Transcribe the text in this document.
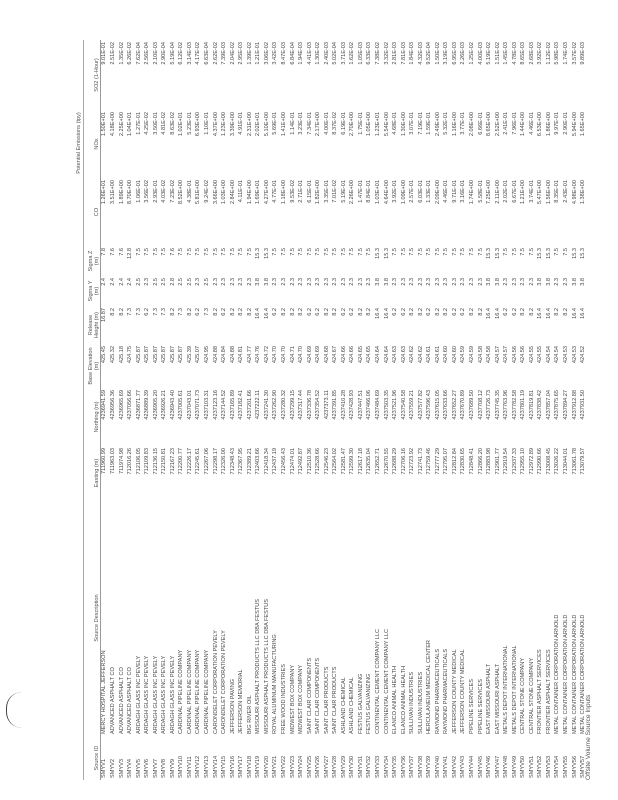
								Potential Emissions (tpy)		
Source ID	Source Description	Easting (m)	Northing (m)	Base Elevation (m)	Release Height (m)	Sigma Y (m)	Sigma Z (m)	CO	NOx	SO2 (1-Hour)
SMYV1	MERCY HOSPITAL JEFFERSON	711960.99	4236941.59	425.45	16.87	2.4	7.8	1.26E+01	1.50E+01	9.01E-01
SMYV2	ADVANCED ASPHALT CO	711963.03	4236956.36	425.32	8.2	2.4	7.6	3.51E+00	4.18E+00	2.51E-02
SMYV3	ADVANCED ASPHALT CO	711974.98	4236965.69	425.18	8.2	2.4	7.6	1.89E+00	2.25E+00	1.35E-02
SMYV4	ADVANCED ASPHALT CO	712016.26	4237056.66	424.75	7.3	2.4	12.8	8.70E+00	1.04E+01	6.26E-02
SMYV5	ARDAGH GLASS INC PEVELY	712106.05	4236871.77	425.87	7.3	2.5	7.5	1.06E-01	1.27E-01	7.62E-04
SMYV6	ARDAGH GLASS INC PEVELY	712109.83	4236889.39	425.87	6.2	2.3	7.5	3.56E-02	4.25E-02	2.56E-04
SMYV7	ARDAGH GLASS INC PEVELY	712136.15	4236905.20	425.87	7.3	2.5	7.5	2.93E-01	3.50E-01	2.10E-03
SMYV8	ARDAGH GLASS INC PEVELY	712150.81	4236926.21	425.87	7.3	2.5	7.5	4.03E-02	4.81E-02	2.90E-04
SMYV9	ARDAGH GLASS INC PEVELY	712167.23	4236943.40	425.87	8.2	2.8	7.6	7.23E-02	8.63E-02	5.19E-04
SMYV10	CARDINAL PIPELINE COMPANY	712200.77	4237005.61	425.87	7.3	2.5	7.5	8.52E+00	1.02E+01	6.12E-02
SMYV11	CARDINAL PIPELINE COMPANY	712226.17	4237043.01	425.39	8.2	2.5	7.5	4.38E-01	5.23E-01	3.14E-03
SMYV12	CARDINAL PIPELINE COMPANY	712245.61	4237071.73	425.07	6.2	2.3	7.5	5.81E+00	6.93E+00	4.17E-02
SMYV13	CARDINAL PIPELINE COMPANY	712267.06	4237103.31	424.95	7.3	2.5	7.5	9.24E-02	1.10E-01	6.63E-04
SMYV14	CARONDELET CORPORATION PEVELY	712298.17	4237123.16	424.88	8.2	2.3	7.5	3.66E+00	4.37E+00	2.62E-02
SMYV15	CARONDELET CORPORATION PEVELY	712326.00	4237144.52	424.84	6.2	2.3	7.5	1.03E+00	1.23E+00	7.39E-03
SMYV16	JEFFERSON PAVING	712348.43	4237165.89	424.88	8.2	2.3	7.5	2.84E+00	3.39E+00	2.04E-02
SMYV17	JEFFERSON MEMORIAL	712367.95	4237182.41	424.81	8.2	2.3	7.5	4.11E-01	4.91E-01	2.95E-03
SMYV18	BIG RIVER OIL	712389.21	4237201.66	424.77	8.2	2.3	7.5	1.94E+00	2.31E+00	1.39E-02
SMYV19	MISSOURI ASPHALT PRODUCTS LLC DBA FESTUS	712403.66	4237222.11	424.76	16.4	3.8	15.3	1.69E+01	2.02E+01	1.21E-01
SMYV20	MISSOURI ASPHALT PRODUCTS LLC DBA FESTUS	712418.34	4237241.30	424.72	16.4	3.8	15.3	4.27E+00	5.10E+00	3.06E-02
SMYV21	ROYAL ALUMINUM MANUFACTURING	712437.19	4237262.90	424.70	6.2	2.3	7.5	4.77E-01	5.69E-01	3.42E-03
SMYV22	FREE WOOD INDUSTRIES	712456.43	4237280.32	424.70	8.2	2.3	7.5	1.18E+00	1.41E+00	8.47E-03
SMYV23	MIDWEST BOX COMPANY	712474.01	4237299.15	424.71	8.2	2.3	7.5	9.53E-02	1.14E-01	6.84E-04
SMYV24	MIDWEST BOX COMPANY	712492.87	4237317.44	424.70	8.2	2.3	7.5	2.71E-01	3.23E-01	1.94E-03
SMYV25	SAINT CLAIR COMPONENTS	712510.36	4237336.78	424.69	6.2	2.3	7.5	6.15E-01	7.34E-01	4.41E-03
SMYV26	SAINT CLAIR COMPONENTS	712528.66	4237354.52	424.69	6.2	2.3	7.5	1.82E+00	2.17E+00	1.30E-02
SMYV27	SAINT CLAIR PRODUCTS	712546.23	4237373.11	424.68	8.2	2.3	7.5	3.35E-01	4.00E-01	2.40E-03
SMYV28	SAINT CLAIR PRODUCTS	712564.02	4237391.85	424.67	8.2	2.3	7.5	7.01E-02	8.37E-02	5.02E-04
SMYV29	ASHLAND CHEMICAL	712581.47	4237410.28	424.66	6.2	2.3	7.5	5.19E-01	6.19E-01	3.71E-03
SMYV30	ASHLAND CHEMICAL	712599.30	4237428.93	424.66	6.2	2.3	7.5	2.26E+00	2.70E+00	1.62E-02
SMYV31	FESTUS GALVANIZING	712617.18	4237447.51	424.65	8.2	2.3	7.5	1.47E-01	1.75E-01	1.05E-03
SMYV32	FESTUS GALVANIZING	712635.04	4237466.06	424.65	8.2	2.3	7.5	8.84E-01	1.05E+00	6.33E-03
SMYV33	CONTINENTAL CEMENT COMPANY LLC	712652.71	4237484.69	424.64	16.4	3.8	15.3	1.03E+01	1.23E+01	7.38E-02
SMYV34	CONTINENTAL CEMENT COMPANY LLC	712670.55	4237503.35	424.64	16.4	3.8	15.3	4.64E+00	5.54E+00	3.32E-02
SMYV35	ELANCO ANIMAL HEALTH	712688.29	4237521.96	424.63	6.2	2.3	7.5	3.92E-01	4.68E-01	2.81E-03
SMYV36	ELANCO ANIMAL HEALTH	712706.16	4237540.58	424.63	6.2	2.3	7.5	1.09E+00	1.30E+00	7.81E-03
SMYV37	SULLIVAN INDUSTRIES	712723.92	4237559.21	424.62	8.2	2.3	7.5	2.57E-01	3.07E-01	1.84E-03
SMYV38	SULLIVAN INDUSTRIES	712741.73	4237577.82	424.62	8.2	2.3	7.5	6.03E-01	7.19E-01	4.32E-03
SMYV39	HERCULANEUM MEDICAL CENTER	712759.46	4237596.43	424.61	6.2	2.3	7.5	1.33E-01	1.59E-01	9.52E-04
SMYV40	RAYMOND PHARMACEUTICALS	712777.29	4237615.05	424.61	8.2	2.3	7.5	2.09E+00	2.49E+00	1.50E-02
SMYV41	RAYMOND PHARMACEUTICALS	712795.07	4237633.66	424.60	8.2	2.3	7.5	4.46E-01	5.32E-01	3.19E-03
SMYV42	JEFFERSON COUNTY MEDICAL	712812.84	4237652.27	424.60	6.2	2.3	7.5	9.71E-01	1.16E+00	6.95E-03
SMYV43	JEFFERSON COUNTY MEDICAL	712830.65	4237670.89	424.59	6.2	2.3	7.5	3.16E-01	3.77E-01	2.26E-03
SMYV44	PIPELINE SERVICES	712848.41	4237689.50	424.59	8.2	2.3	7.5	1.74E+00	2.08E+00	1.25E-02
SMYV45	PIPELINE SERVICES	712866.20	4237708.12	424.58	8.2	2.3	7.5	5.58E-01	6.66E-01	4.00E-03
SMYV46	EAST MISSOURI ASPHALT	712883.98	4237726.73	424.58	16.4	3.8	15.3	7.25E+00	8.65E+00	5.19E-02
SMYV47	EAST MISSOURI ASPHALT	712901.77	4237745.35	424.57	16.4	3.8	15.3	2.11E+00	2.52E+00	1.51E-02
SMYV48	METALS DEPOT INTERNATIONAL	712919.54	4237763.96	424.57	6.2	2.3	7.5	2.02E-01	2.41E-01	1.45E-03
SMYV49	METALS DEPOT INTERNATIONAL	712937.33	4237782.58	424.56	6.2	2.3	7.5	6.67E-01	7.96E-01	4.78E-03
SMYV50	CENTRAL STONE COMPANY	712955.10	4237801.19	424.56	8.2	2.3	7.5	1.21E+00	1.44E+00	8.65E-03
SMYV51	CENTRAL STONE COMPANY	712972.89	4237819.81	424.55	8.2	2.3	7.5	3.74E-01	4.46E-01	2.68E-03
SMYV52	FRONTIER ASPHALT SERVICES	712990.66	4237838.42	424.55	16.4	3.8	15.3	5.47E+00	6.53E+00	3.92E-02
SMYV53	FRONTIER ASPHALT SERVICES	713008.45	4237857.04	424.54	16.4	3.8	15.3	1.56E+00	1.86E+00	1.12E-02
SMYV54	METAL CONTAINER CORPORATION ARNOLD	713026.22	4237875.65	424.54	8.2	2.3	7.5	8.35E-01	9.97E-01	5.98E-03
SMYV55	METAL CONTAINER CORPORATION ARNOLD	713044.01	4237894.27	424.53	8.2	2.3	7.5	2.43E-01	2.90E-01	1.74E-03
SMYV56	METAL CONTAINER CORPORATION ARNOLD	713061.78	4237912.88	424.53	16.4	3.8	15.3	4.98E+00	5.94E+00	3.57E-02
SMYV57	METAL CONTAINER CORPORATION ARNOLD	713079.57	4237931.50	424.52	16.4	3.8	15.3	1.38E+00	1.65E+00	9.89E-03
Offsite Volume Source Inputs
